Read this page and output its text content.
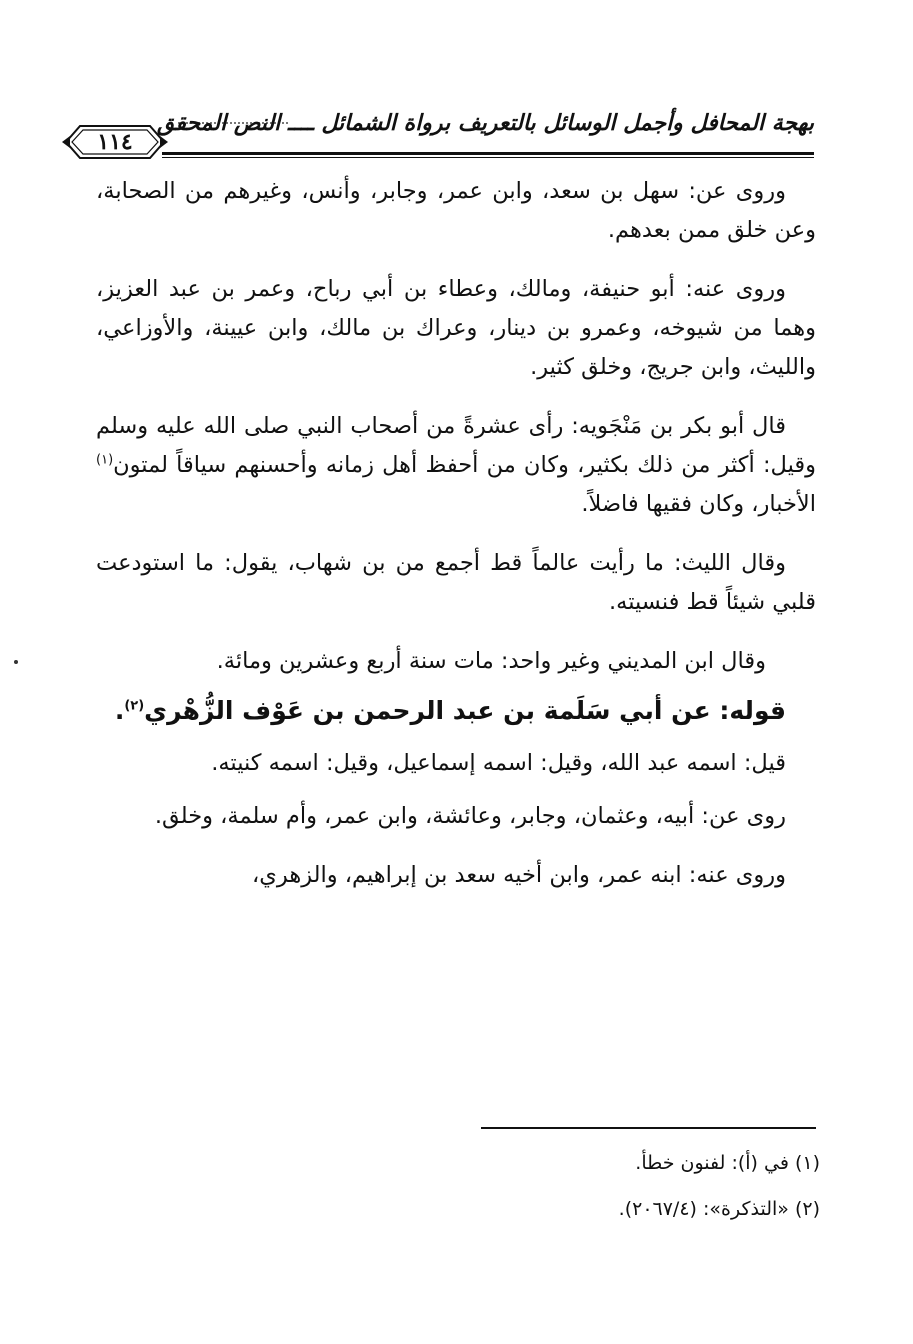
١١٤
بهجة المحافل وأجمل الوسائل بالتعريف برواة الشمائل ــــ النص المحقق

وروى عن: سهل بن سعد، وابن عمر، وجابر، وأنس، وغيرهم من الصحابة، وعن خلق ممن بعدهم.

وروى عنه: أبو حنيفة، ومالك، وعطاء بن أبي رباح، وعمر بن عبد العزيز، وهما من شيوخه، وعمرو بن دينار، وعراك بن مالك، وابن عيينة، والأوزاعي، والليث، وابن جريج، وخلق كثير.

قال أبو بكر بن مَنْجَويه: رأى عشرةً من أصحاب النبي صلى الله عليه وسلم وقيل: أكثر من ذلك بكثير، وكان من أحفظ أهل زمانه وأحسنهم سياقاً لمتون$^{(١)}$ الأخبار، وكان فقيها فاضلاً.

وقال الليث: ما رأيت عالماً قط أجمع من بن شهاب، يقول: ما استودعت قلبي شيئاً قط فنسيته.

وقال ابن المديني وغير واحد: مات سنة أربع وعشرين ومائة.

قوله: عن أبي سَلَمة بن عبد الرحمن بن عَوْف الزُّهْري$^{(٢)}$.

قيل: اسمه عبد الله، وقيل: اسمه إسماعيل، وقيل: اسمه كنيته.

روى عن: أبيه، وعثمان، وجابر، وعائشة، وابن عمر، وأم سلمة، وخلق.

وروى عنه: ابنه عمر، وابن أخيه سعد بن إبراهيم، والزهري،

(١) في (أ): لفنون خطأ.

(٢) «التذكرة»: (٢٠٦٧/٤).
